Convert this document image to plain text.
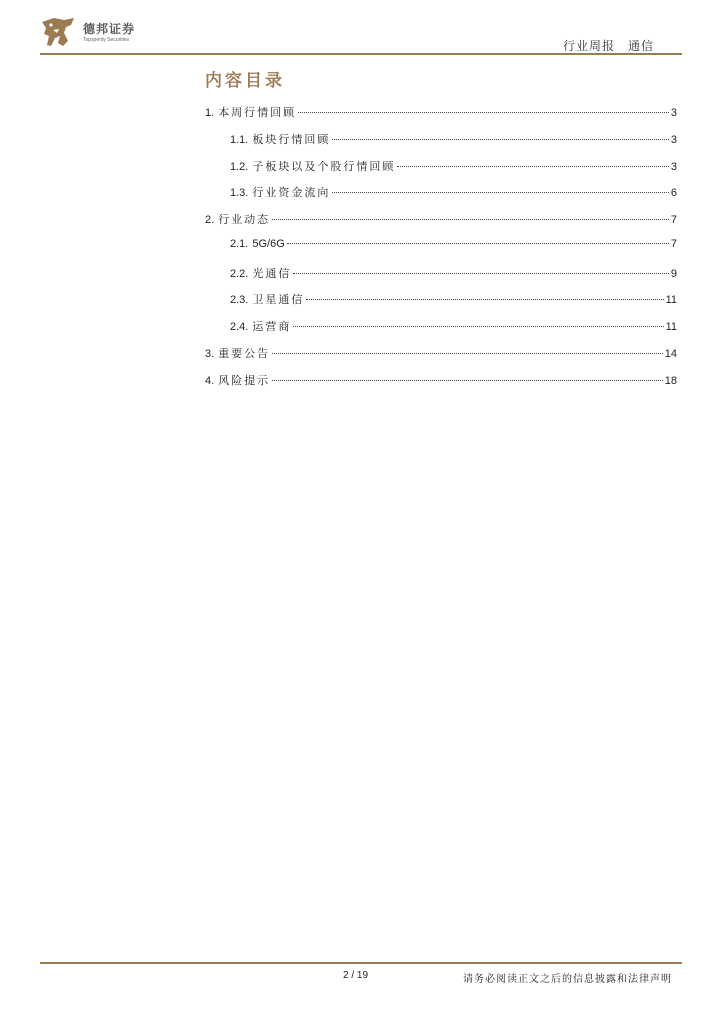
德邦证券
Topsperity Securities	行业周报 通信
内容目录
1. 本周行情回顾	3
1.1. 板块行情回顾	3
1.2. 子板块以及个股行情回顾	3
1.3. 行业资金流向	6
2. 行业动态	7
2.1. 5G/6G	7
2.2. 光通信	9
2.3. 卫星通信	11
2.4. 运营商	11
3. 重要公告	14
4. 风险提示	18
2 / 19	请务必阅读正文之后的信息披露和法律声明
